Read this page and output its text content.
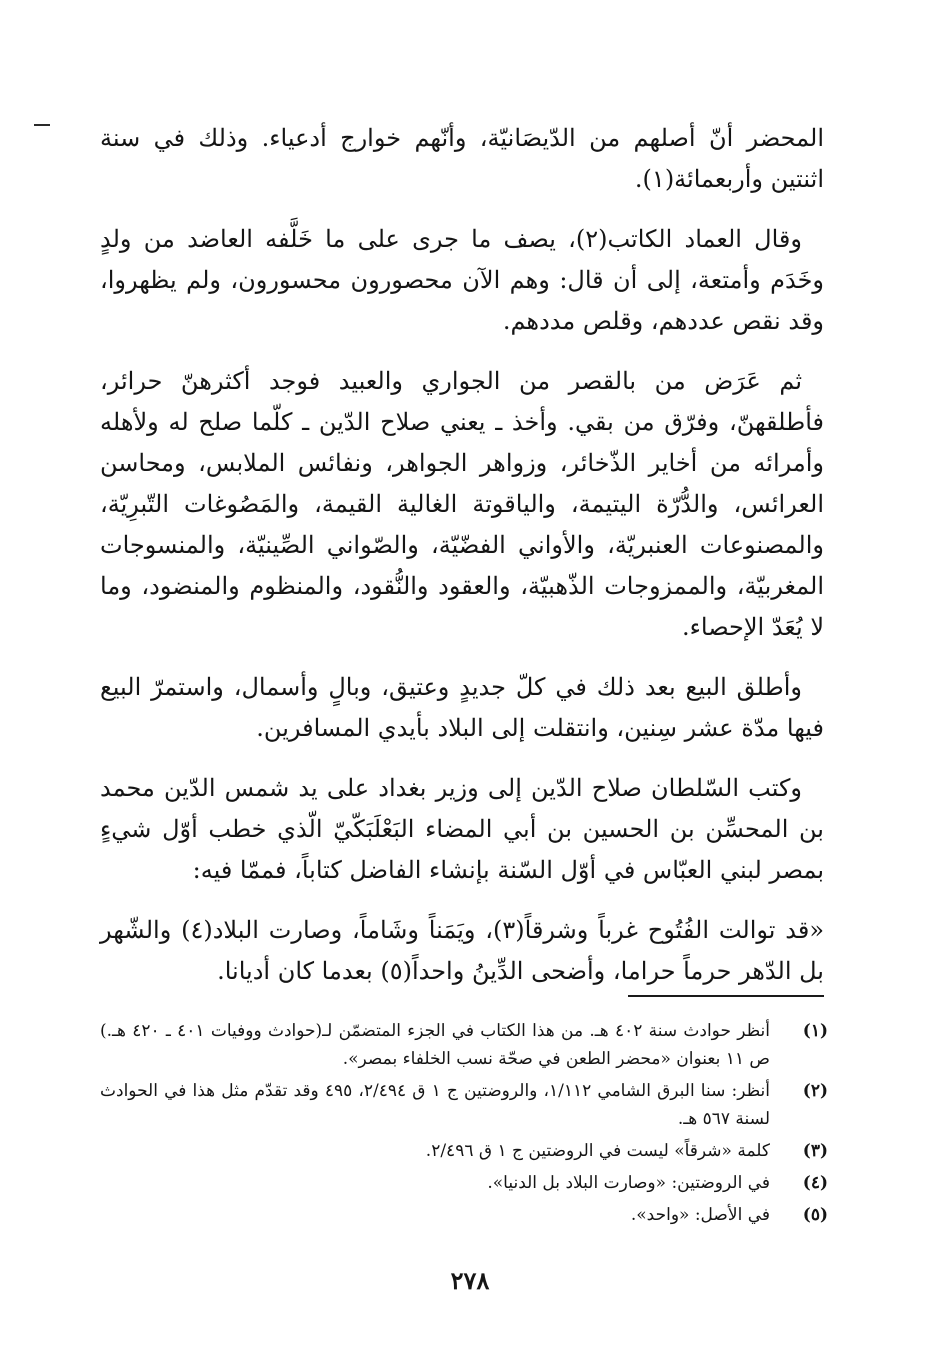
المحضر أنّ أصلهم من الدّيصَانيّة، وأنّهم خوارج أدعياء. وذلك في سنة اثنتين وأربعمائة(١).

وقال العماد الكاتب(٢)، يصف ما جرى على ما خَلَّفه العاضد من ولدٍ وخَدَم وأمتعة، إلى أن قال: وهم الآن محصورون محسورون، ولم يظهروا، وقد نقص عددهم، وقلص مددهم.

ثم عَرَض من بالقصر من الجواري والعبيد فوجد أكثرهنّ حرائر، فأطلقهنّ، وفرّق من بقي. وأخذ ـ يعني صلاح الدّين ـ كلّما صلح له ولأهله وأمرائه من أخاير الذّخائر، وزواهر الجواهر، ونفائس الملابس، ومحاسن العرائس، والدُّرّة اليتيمة، والياقوتة الغالية القيمة، والمَصُوغات التّبرِيّة، والمصنوعات العنبريّة، والأواني الفضّيّة، والصّواني الصِّينيّة، والمنسوجات المغربيّة، والممزوجات الذّهبيّة، والعقود والنُّقود، والمنظوم والمنضود، وما لا يُعَدّ الإحصاء.

وأطلق البيع بعد ذلك في كلّ جديدٍ وعتيق، وبالٍ وأسمال، واستمرّ البيع فيها مدّة عشر سِنين، وانتقلت إلى البلاد بأيدي المسافرين.

وكتب السّلطان صلاح الدّين إلى وزير بغداد على يد شمس الدّين محمد بن المحسِّن بن الحسين بن أبي المضاء البَعْلَبَكّيّ الّذي خطب أوّل شيءٍ بمصر لبني العبّاس في أوّل السّنة بإنشاء الفاضل كتاباً، فممّا فيه:

«قد توالت الفُتُوح غرباً وشرقاً(٣)، ويَمَناً وشَاماً، وصارت البلاد(٤) والشّهر بل الدّهر حرماً حراما، وأضحى الدِّينُ واحداً(٥) بعدما كان أديانا.

(١)
أنظر حوادث سنة ٤٠٢ هـ. من هذا الكتاب في الجزء المتضمّن لـ(حوادث ووفيات ٤٠١ ـ ٤٢٠ هـ.) ص ١١ بعنوان «محضر الطعن في صحّة نسب الخلفاء بمصر».
(٢)
أنظر: سنا البرق الشامي ١/١١٢، والروضتين ج ١ ق ٢/٤٩٤، ٤٩٥ وقد تقدّم مثل هذا في الحوادث لسنة ٥٦٧ هـ.
(٣)
كلمة «شرقاً» ليست في الروضتين ج ١ ق ٢/٤٩٦.
(٤)
في الروضتين: «وصارت البلاد بل الدنيا».
(٥)
في الأصل: «واحد».
٢٧٨
